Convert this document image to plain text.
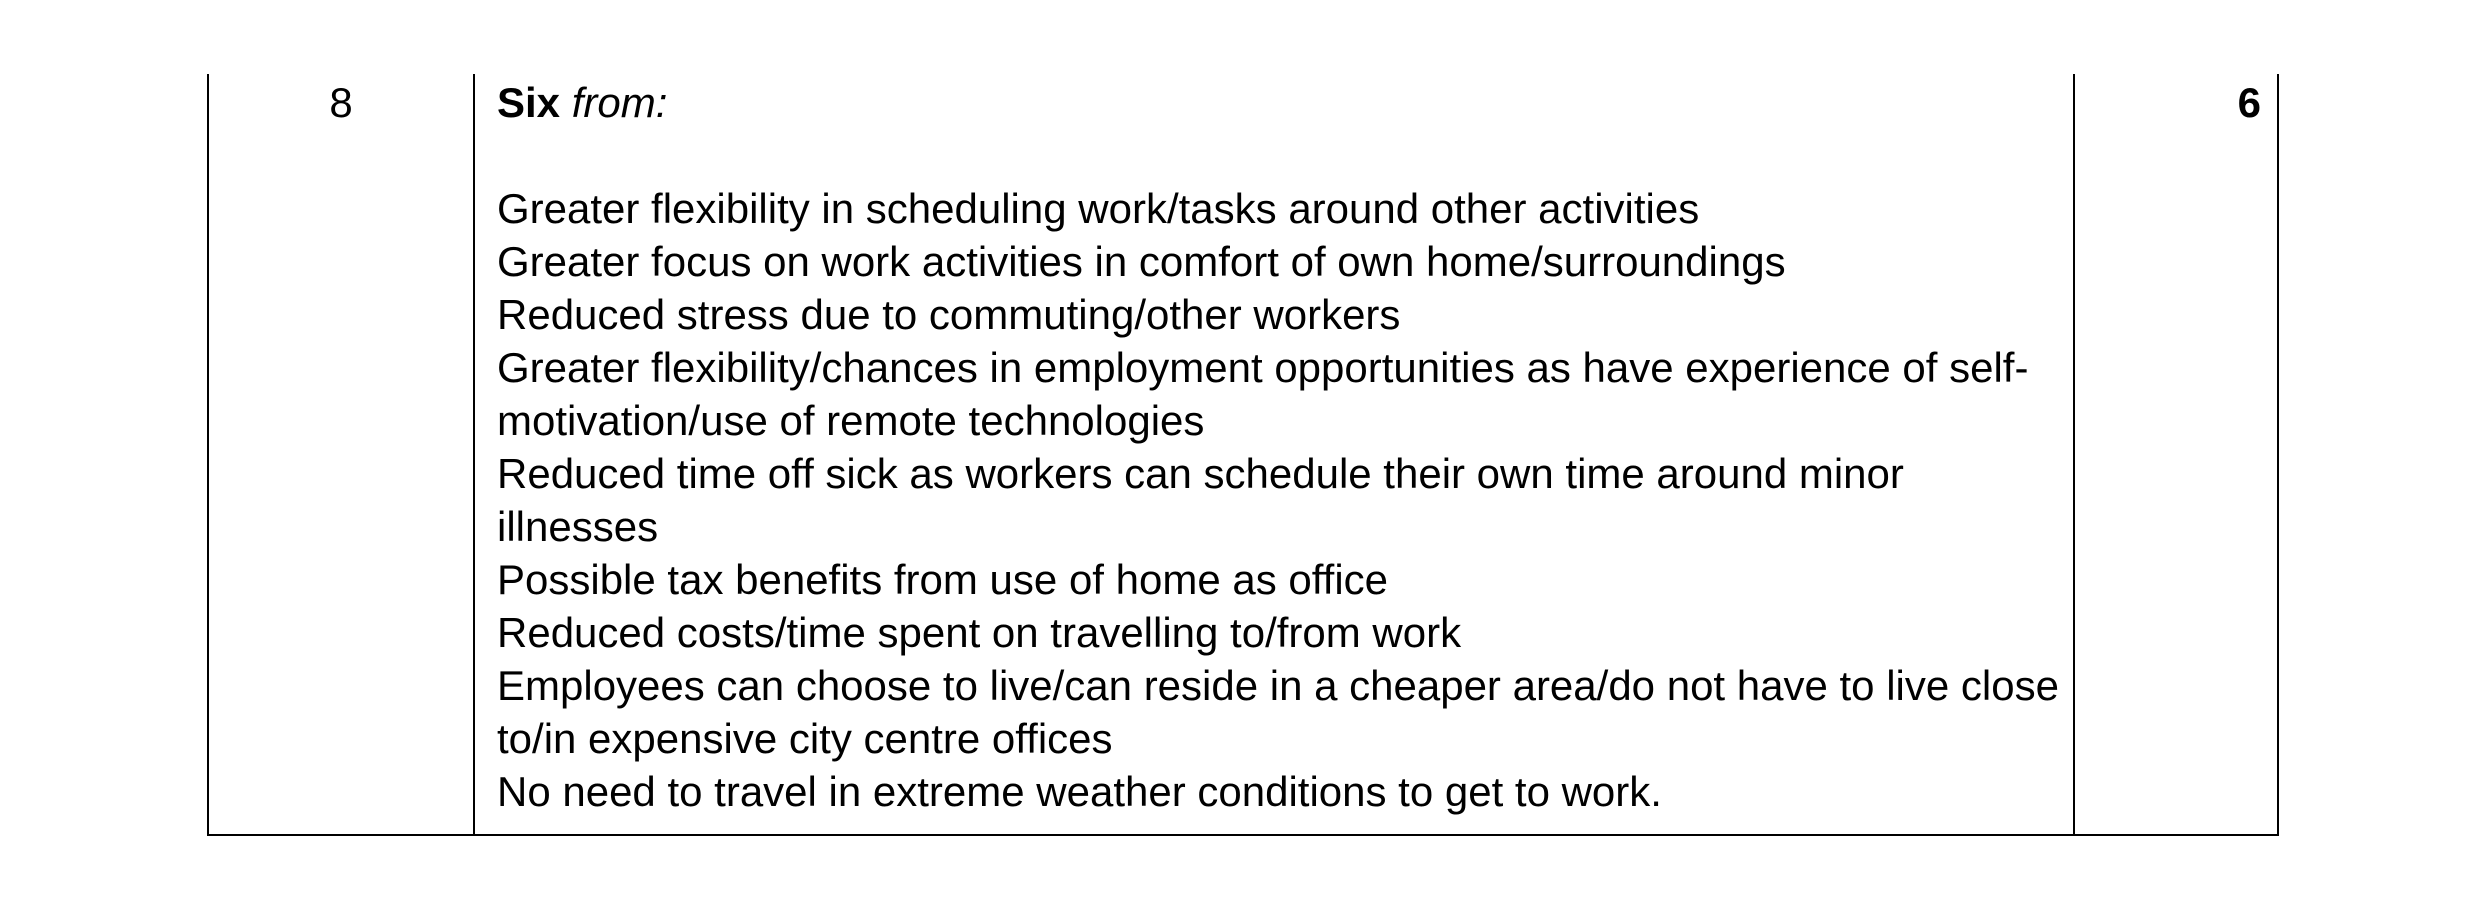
8	Six from:

Greater flexibility in scheduling work/tasks around other activities
Greater focus on work activities in comfort of own home/surroundings
Reduced stress due to commuting/other workers
Greater flexibility/chances in employment opportunities as have experience of self-motivation/use of remote technologies
Reduced time off sick as workers can schedule their own time around minor illnesses
Possible tax benefits from use of home as office
Reduced costs/time spent on travelling to/from work
Employees can choose to live/can reside in a cheaper area/do not have to live close to/in expensive city centre offices
No need to travel in extreme weather conditions to get to work.
6
